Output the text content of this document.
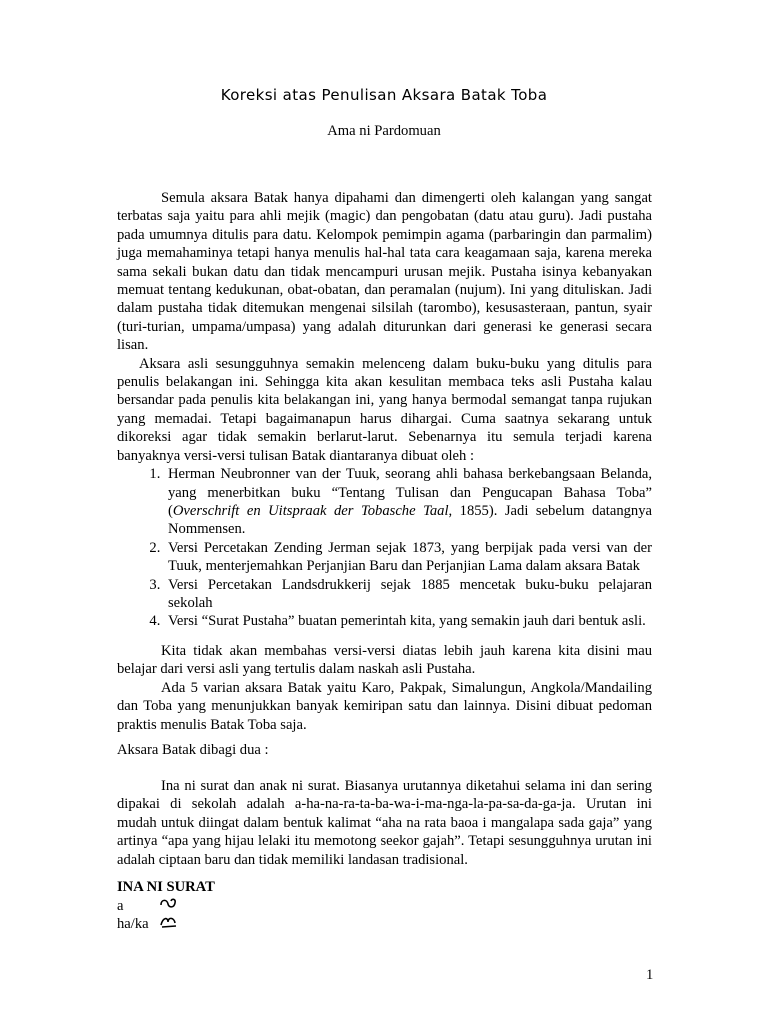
Koreksi atas Penulisan Aksara Batak Toba
Ama ni Pardomuan

Semula aksara Batak hanya dipahami dan dimengerti oleh kalangan yang sangat terbatas saja yaitu para ahli mejik (magic) dan pengobatan (datu atau guru). Jadi pustaha pada umumnya ditulis para datu. Kelompok pemimpin agama (parbaringin dan parmalim) juga memahaminya tetapi hanya menulis hal-hal tata cara keagamaan saja, karena mereka sama sekali bukan datu dan tidak mencampuri urusan mejik. Pustaha isinya kebanyakan memuat tentang kedukunan, obat-obatan, dan peramalan (nujum). Ini yang dituliskan. Jadi dalam pustaha tidak ditemukan mengenai silsilah (tarombo), kesusasteraan, pantun, syair (turi-turian, umpama/umpasa) yang adalah diturunkan dari generasi ke generasi secara lisan.

Aksara asli sesungguhnya semakin melenceng dalam buku-buku yang ditulis para penulis belakangan ini. Sehingga kita akan kesulitan membaca teks asli Pustaha kalau bersandar pada penulis kita belakangan ini, yang hanya bermodal semangat tanpa rujukan yang memadai. Tetapi bagaimanapun harus dihargai. Cuma saatnya sekarang untuk dikoreksi agar tidak semakin berlarut-larut. Sebenarnya itu semula terjadi karena banyaknya versi-versi tulisan Batak diantaranya dibuat oleh :

1. Herman Neubronner van der Tuuk, seorang ahli bahasa berkebangsaan Belanda, yang menerbitkan buku “Tentang Tulisan dan Pengucapan Bahasa Toba” (Overschrift en Uitspraak der Tobasche Taal, 1855). Jadi sebelum datangnya Nommensen.
2. Versi Percetakan Zending Jerman sejak 1873, yang berpijak pada versi van der Tuuk, menterjemahkan Perjanjian Baru dan Perjanjian Lama dalam aksara Batak
3. Versi Percetakan Landsdrukkerij sejak 1885 mencetak buku-buku pelajaran sekolah
4. Versi “Surat Pustaha” buatan pemerintah kita, yang semakin jauh dari bentuk asli.

Kita tidak akan membahas versi-versi diatas lebih jauh karena kita disini mau belajar dari versi asli yang tertulis dalam naskah asli Pustaha.

Ada 5 varian aksara Batak yaitu Karo, Pakpak, Simalungun, Angkola/Mandailing dan Toba yang menunjukkan banyak kemiripan satu dan lainnya. Disini dibuat pedoman praktis menulis Batak Toba saja.

Aksara Batak dibagi dua :

Ina ni surat dan anak ni surat. Biasanya urutannya diketahui selama ini dan sering dipakai di sekolah adalah a-ha-na-ra-ta-ba-wa-i-ma-nga-la-pa-sa-da-ga-ja. Urutan ini mudah untuk diingat dalam bentuk kalimat “aha na rata baoa i mangalapa sada gaja” yang artinya “apa yang hijau lelaki itu memotong seekor gajah”. Tetapi sesungguhnya urutan ini adalah ciptaan baru dan tidak memiliki landasan tradisional.

INA NI SURAT
a
ha/ka
1
